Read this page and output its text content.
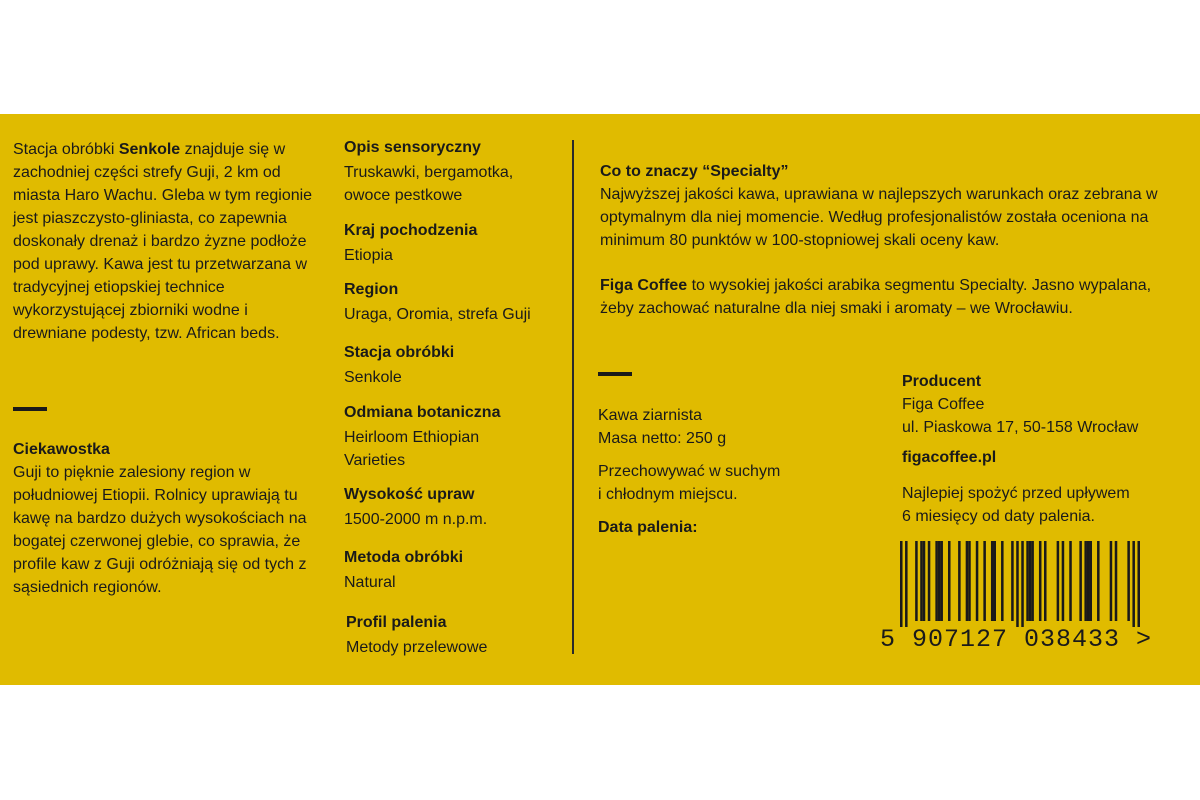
Stacja obróbki Senkole znajduje się w zachodniej części strefy Guji, 2 km od miasta Haro Wachu. Gleba w tym regionie jest piaszczysto-gliniasta, co zapewnia doskonały drenaż i bardzo żyzne podłoże pod uprawy. Kawa jest tu przetwarzana w tradycyjnej etiopskiej technice wykorzystującej zbiorniki wodne i drewniane podesty, tzw. African beds.
Ciekawostka
Guji to pięknie zalesiony region w południowej Etiopii. Rolnicy uprawiają tu kawę na bardzo dużych wysokościach na bogatej czerwonej glebie, co sprawia, że profile kaw z Guji odróżniają się od tych z sąsiednich regionów.
Opis sensoryczny
Truskawki, bergamotka, owoce pestkowe
Kraj pochodzenia
Etiopia
Region
Uraga, Oromia, strefa Guji
Stacja obróbki
Senkole
Odmiana botaniczna
Heirloom Ethiopian Varieties
Wysokość upraw
1500-2000 m n.p.m.
Metoda obróbki
Natural
Profil palenia
Metody przelewowe
Co to znaczy “Specialty”
Najwyższej jakości kawa, uprawiana w najlepszych warunkach oraz zebrana w optymalnym dla niej momencie. Według profesjonalistów została oceniona na minimum 80 punktów w 100-stopniowej skali oceny kaw.
Figa Coffee to wysokiej jakości arabika segmentu Specialty. Jasno wypalana, żeby zachować naturalne dla niej smaki i aromaty – we Wrocławiu.
Kawa ziarnista
Masa netto: 250 g
Przechowywać w suchym
i chłodnym miejscu.
Data palenia:
Producent
Figa Coffee
ul. Piaskowa 17, 50-158 Wrocław
figacoffee.pl
Najlepiej spożyć przed upływem
6 miesięcy od daty palenia.
5 907127 038433 >
